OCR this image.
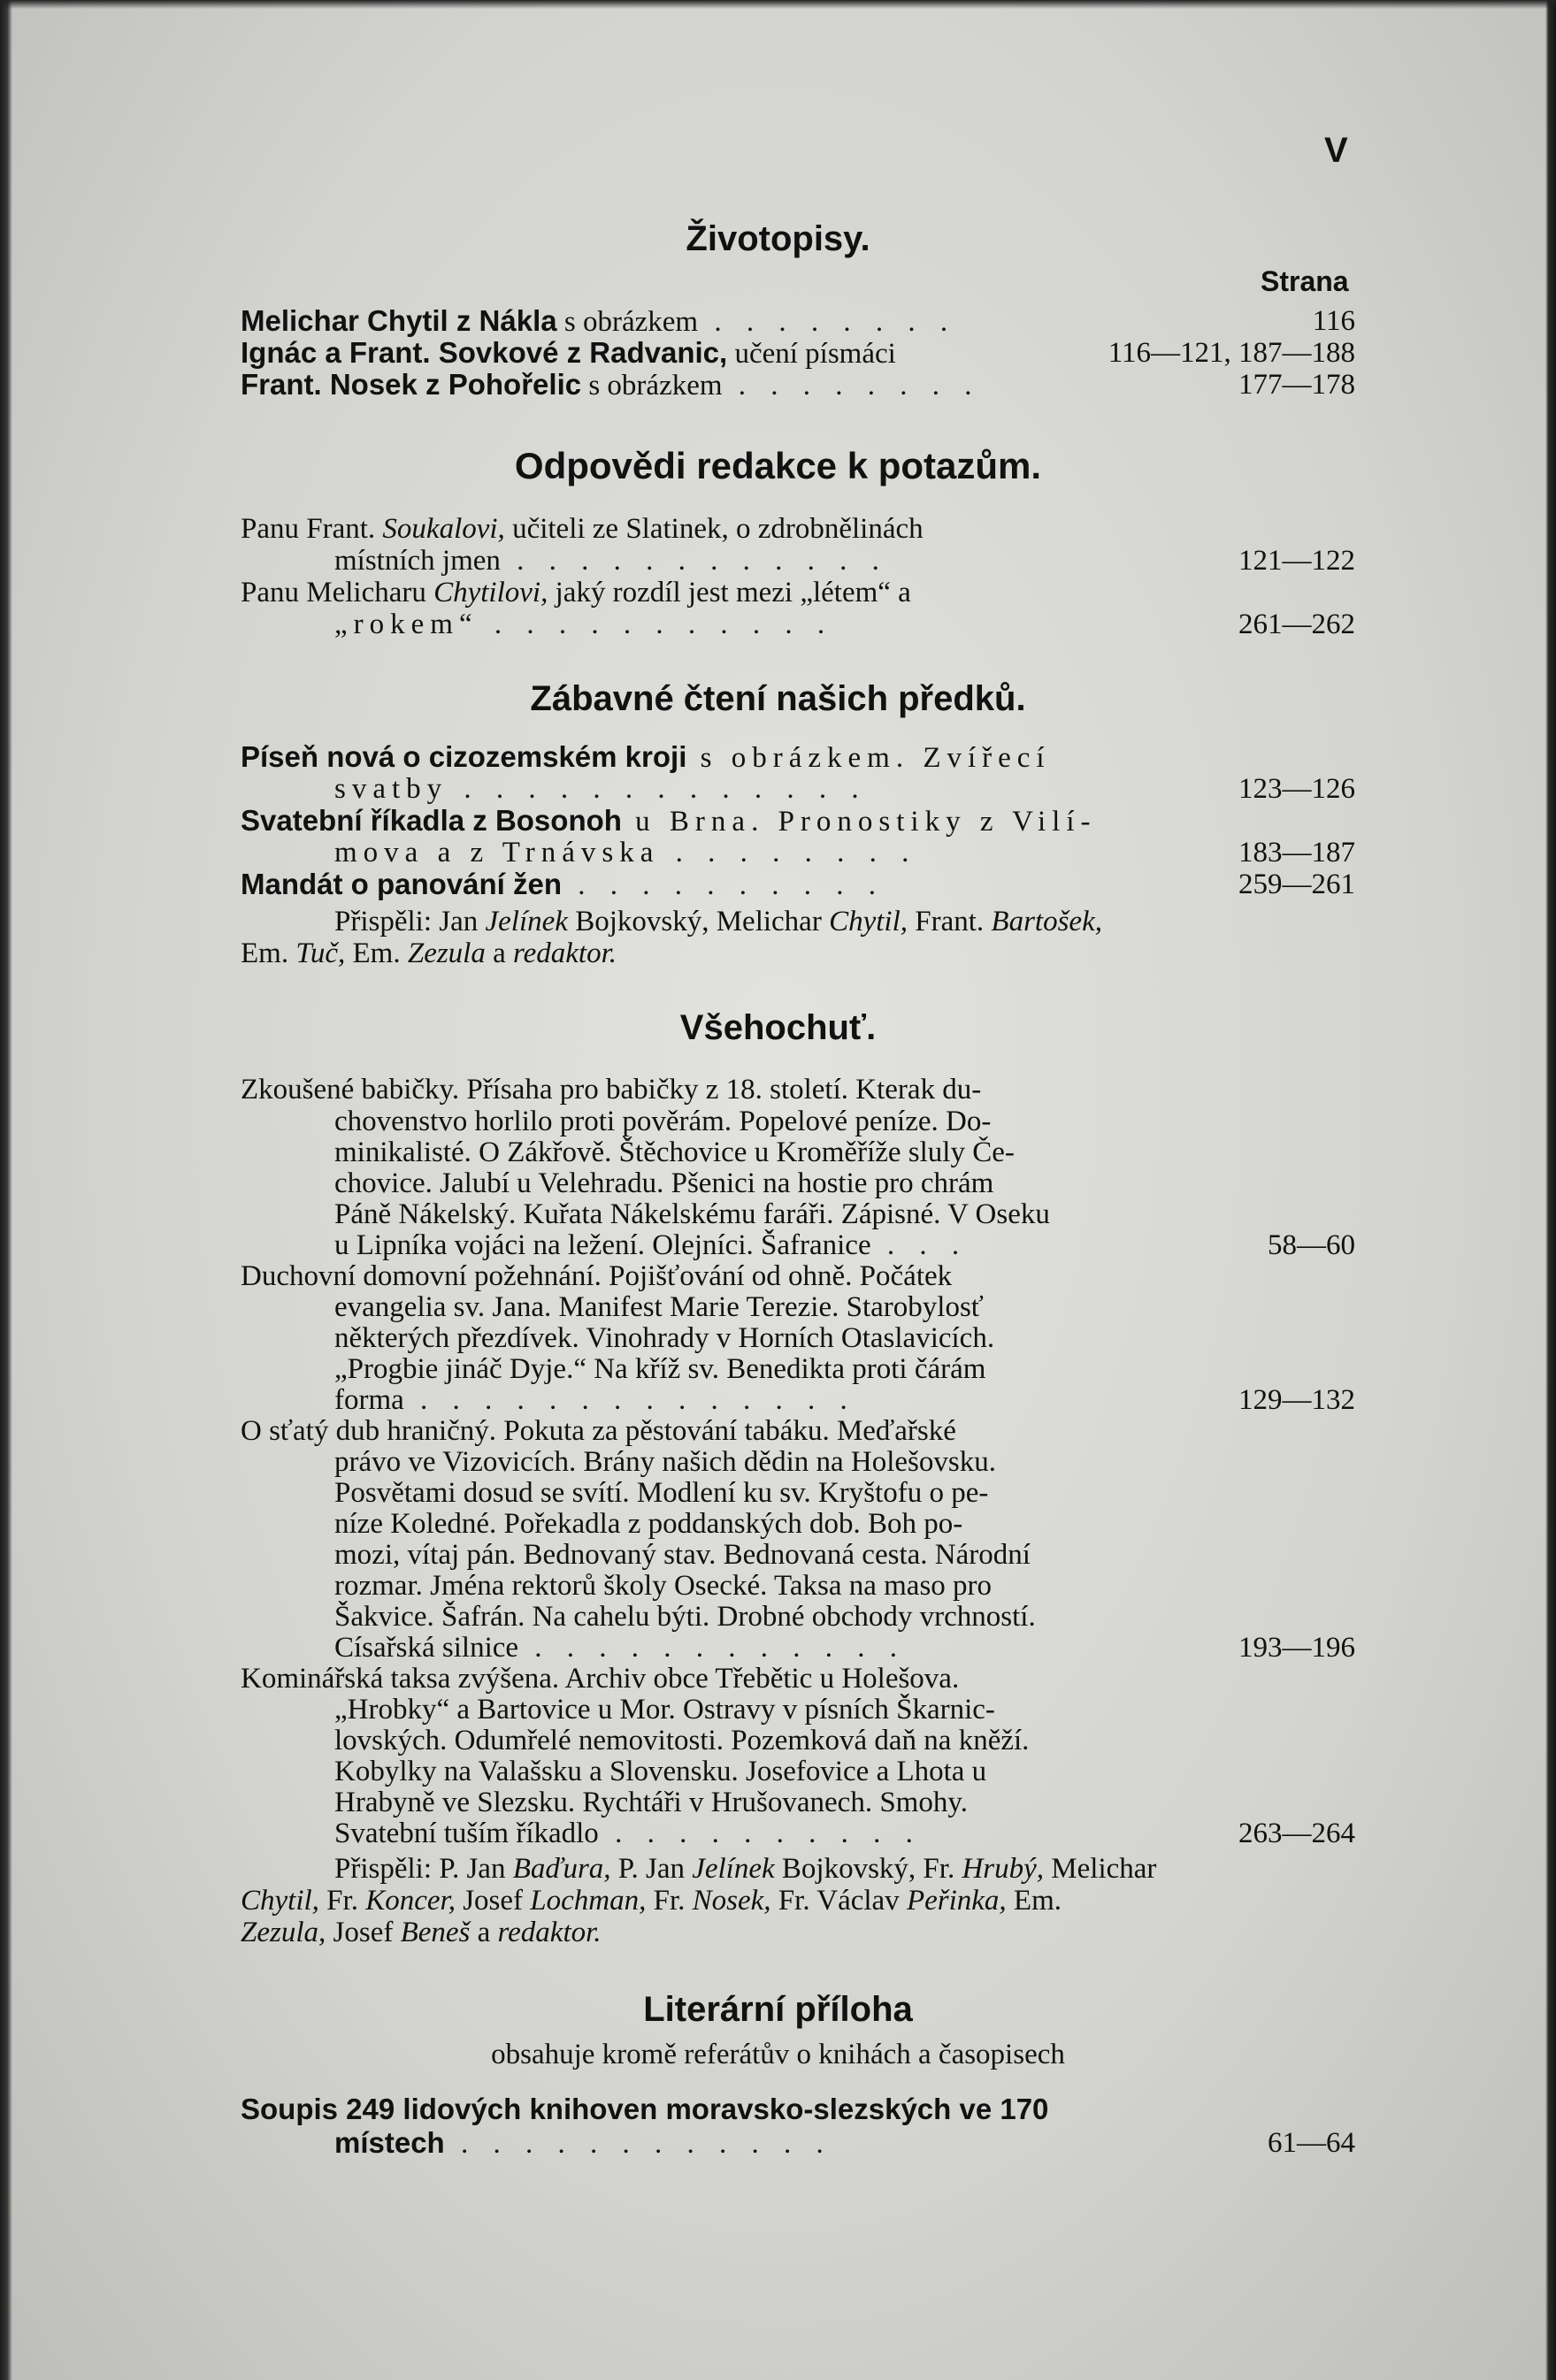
V
Životopisy.
Strana
Melichar Chytil z Nákla s obrázkem . . . . . . . .	116
Ignác a Frant. Sovkové z Radvanic, učení písmáci	116—121, 187—188
Frant. Nosek z Pohořelic s obrázkem . . . . . . . .	177—178
Odpovědi redakce k potazům.
Panu Frant. Soukalovi, učiteli ze Slatinek, o zdrobnělinách
místních jmen . . . . . . . . . . . .	121—122
Panu Melicharu Chytilovi, jaký rozdíl jest mezi „létem“ a
„rokem“ . . . . . . . . . . .	261—262
Zábavné čtení našich předků.
Píseň nová o cizozemském kroji s obrázkem. Zvířecí
svatby . . . . . . . . . . . . .	123—126
Svatební říkadla z Bosonoh u Brna. Pronostiky z Vilí-
mova a z Trnávska . . . . . . . .	183—187
Mandát o panování žen . . . . . . . . . .	259—261
Přispěli: Jan Jelínek Bojkovský, Melichar Chytil, Frant. Bartošek,
Em. Tuč, Em. Zezula a redaktor.
Všehochuť.
Zkoušené babičky. Přísaha pro babičky z 18. století. Kterak du-
chovenstvo horlilo proti pověrám. Popelové peníze. Do-
minikalisté. O Zákřově. Štěchovice u Kroměříže sluly Če-
chovice. Jalubí u Velehradu. Pšenici na hostie pro chrám
Páně Nákelský. Kuřata Nákelskému faráři. Zápisné. V Oseku
u Lipníka vojáci na ležení. Olejníci. Šafranice . . .	58—60
Duchovní domovní požehnání. Pojišťování od ohně. Počátek
evangelia sv. Jana. Manifest Marie Terezie. Starobylosť
některých přezdívek. Vinohrady v Horních Otaslavicích.
„Progbie jináč Dyje.“ Na kříž sv. Benedikta proti čárám
forma . . . . . . . . . . . . . .	129—132
O sťatý dub hraničný. Pokuta za pěstování tabáku. Meďařské
právo ve Vizovicích. Brány našich dědin na Holešovsku.
Posvětami dosud se svítí. Modlení ku sv. Kryštofu o pe-
níze Koledné. Pořekadla z poddanských dob. Boh po-
mozi, vítaj pán. Bednovaný stav. Bednovaná cesta. Národní
rozmar. Jména rektorů školy Osecké. Taksa na maso pro
Šakvice. Šafrán. Na cahelu býti. Drobné obchody vrchností.
Císařská silnice . . . . . . . . . . . .	193—196
Kominářská taksa zvýšena. Archiv obce Třebětic u Holešova.
„Hrobky“ a Bartovice u Mor. Ostravy v písních Škarnic-
lovských. Odumřelé nemovitosti. Pozemková daň na kněží.
Kobylky na Valašsku a Slovensku. Josefovice a Lhota u
Hrabyně ve Slezsku. Rychtáři v Hrušovanech. Smohy.
Svatební tuším říkadlo . . . . . . . . . .	263—264
Přispěli: P. Jan Baďura, P. Jan Jelínek Bojkovský, Fr. Hrubý, Melichar
Chytil, Fr. Koncer, Josef Lochman, Fr. Nosek, Fr. Václav Peřinka, Em.
Zezula, Josef Beneš a redaktor.
Literární příloha
obsahuje kromě referátův o knihách a časopisech
Soupis 249 lidových knihoven moravsko-slezských ve 170
místech . . . . . . . . . . . .	61—64
